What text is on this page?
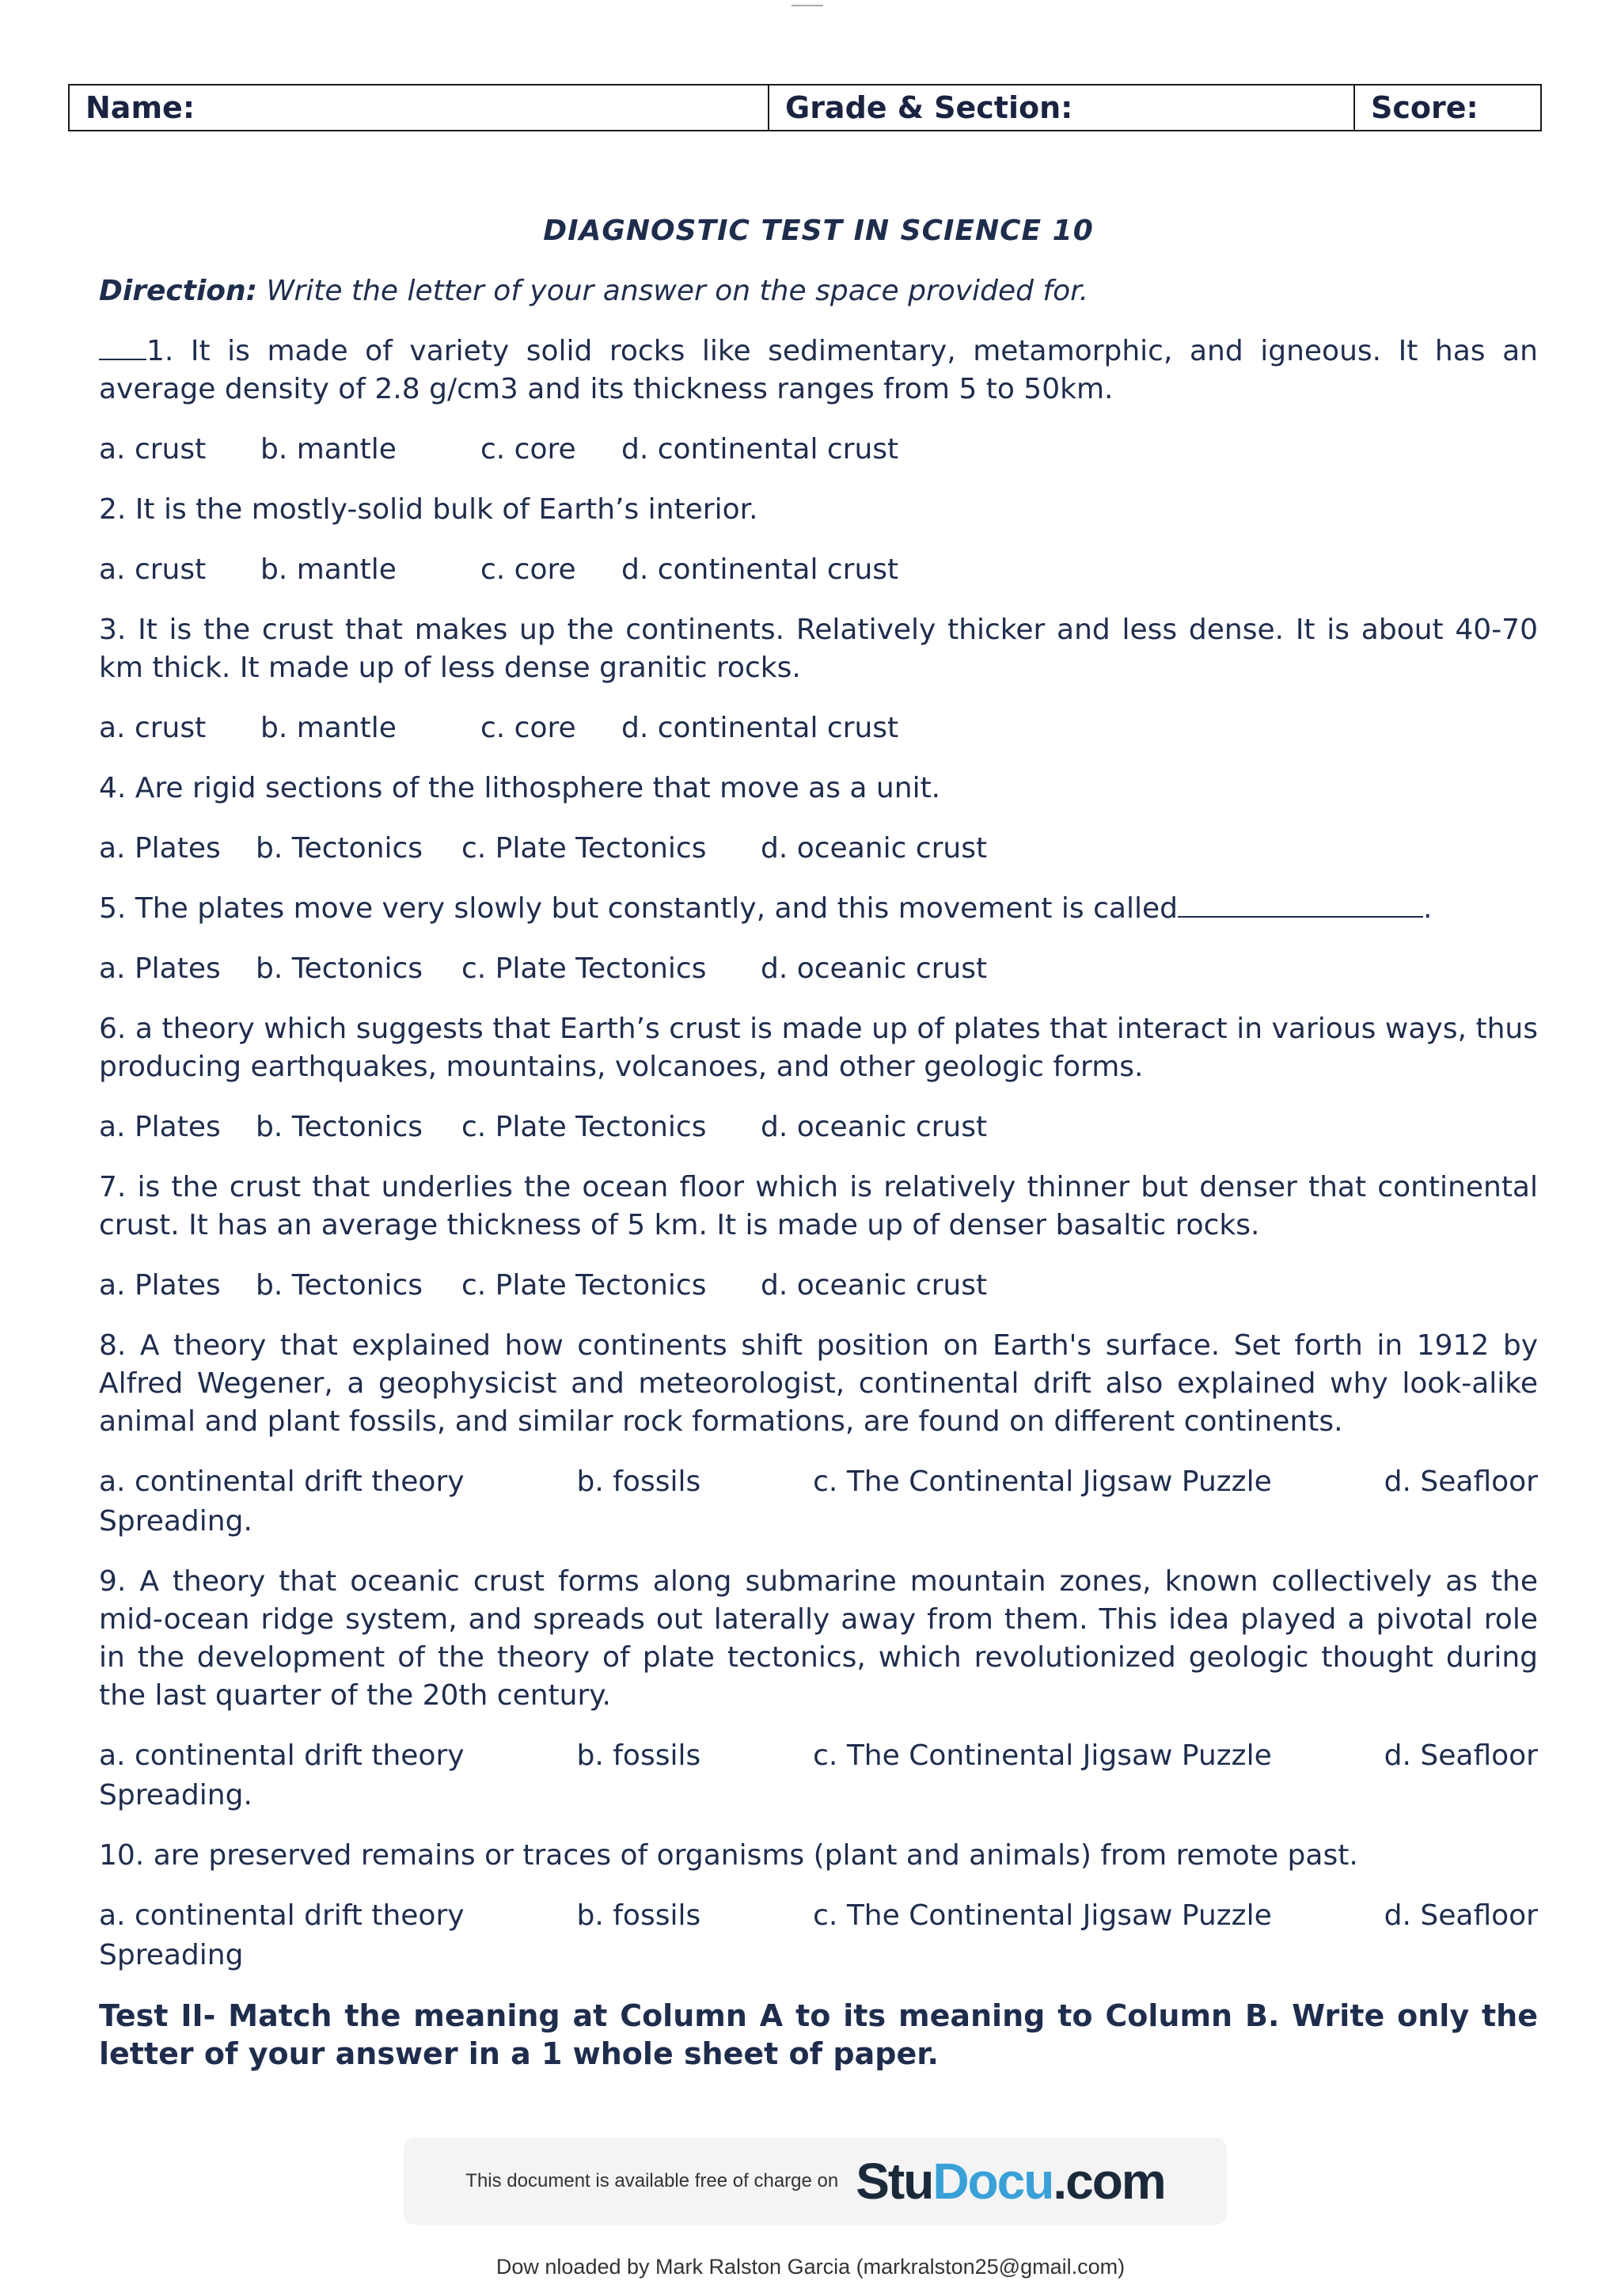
Name:	Grade & Section:	Score:
DIAGNOSTIC TEST IN SCIENCE 10
Direction: Write the letter of your answer on the space provided for.
1. It is made of variety solid rocks like sedimentary, metamorphic, and igneous. It has an average density of 2.8 g/cm3 and its thickness ranges from 5 to 50km.
a. crust	b. mantle	c. core	d. continental crust
2. It is the mostly-solid bulk of Earth’s interior.
a. crust	b. mantle	c. core	d. continental crust
3. It is the crust that makes up the continents. Relatively thicker and less dense. It is about 40-70 km thick. It made up of less dense granitic rocks.
a. crust	b. mantle	c. core	d. continental crust
4. Are rigid sections of the lithosphere that move as a unit.
a. Plates	b. Tectonics	c. Plate Tectonics	d. oceanic crust
5. The plates move very slowly but constantly, and this movement is called	.
a. Plates	b. Tectonics	c. Plate Tectonics	d. oceanic crust
6. a theory which suggests that Earth’s crust is made up of plates that interact in various ways, thus producing earthquakes, mountains, volcanoes, and other geologic forms.
a. Plates	b. Tectonics	c. Plate Tectonics	d. oceanic crust
7. is the crust that underlies the ocean floor which is relatively thinner but denser that continental crust. It has an average thickness of 5 km. It is made up of denser basaltic rocks.
a. Plates	b. Tectonics	c. Plate Tectonics	d. oceanic crust
8. A theory that explained how continents shift position on Earth's surface. Set forth in 1912 by Alfred Wegener, a geophysicist and meteorologist, continental drift also explained why look-alike animal and plant fossils, and similar rock formations, are found on different continents.
a. continental drift theory	b. fossils	c. The Continental Jigsaw Puzzle	d. Seafloor
Spreading.
9. A theory that oceanic crust forms along submarine mountain zones, known collectively as the mid-ocean ridge system, and spreads out laterally away from them. This idea played a pivotal role in the development of the theory of plate tectonics, which revolutionized geologic thought during the last quarter of the 20th century.
a. continental drift theory	b. fossils	c. The Continental Jigsaw Puzzle	d. Seafloor
Spreading.
10. are preserved remains or traces of organisms (plant and animals) from remote past.
a. continental drift theory	b. fossils	c. The Continental Jigsaw Puzzle	d. Seafloor
Spreading
Test II- Match the meaning at Column A to its meaning to Column B. Write only the letter of your answer in a 1 whole sheet of paper.
This document is available free of charge on StuDocu.com
Dow nloaded by Mark Ralston Garcia (markralston25@gmail.com)
